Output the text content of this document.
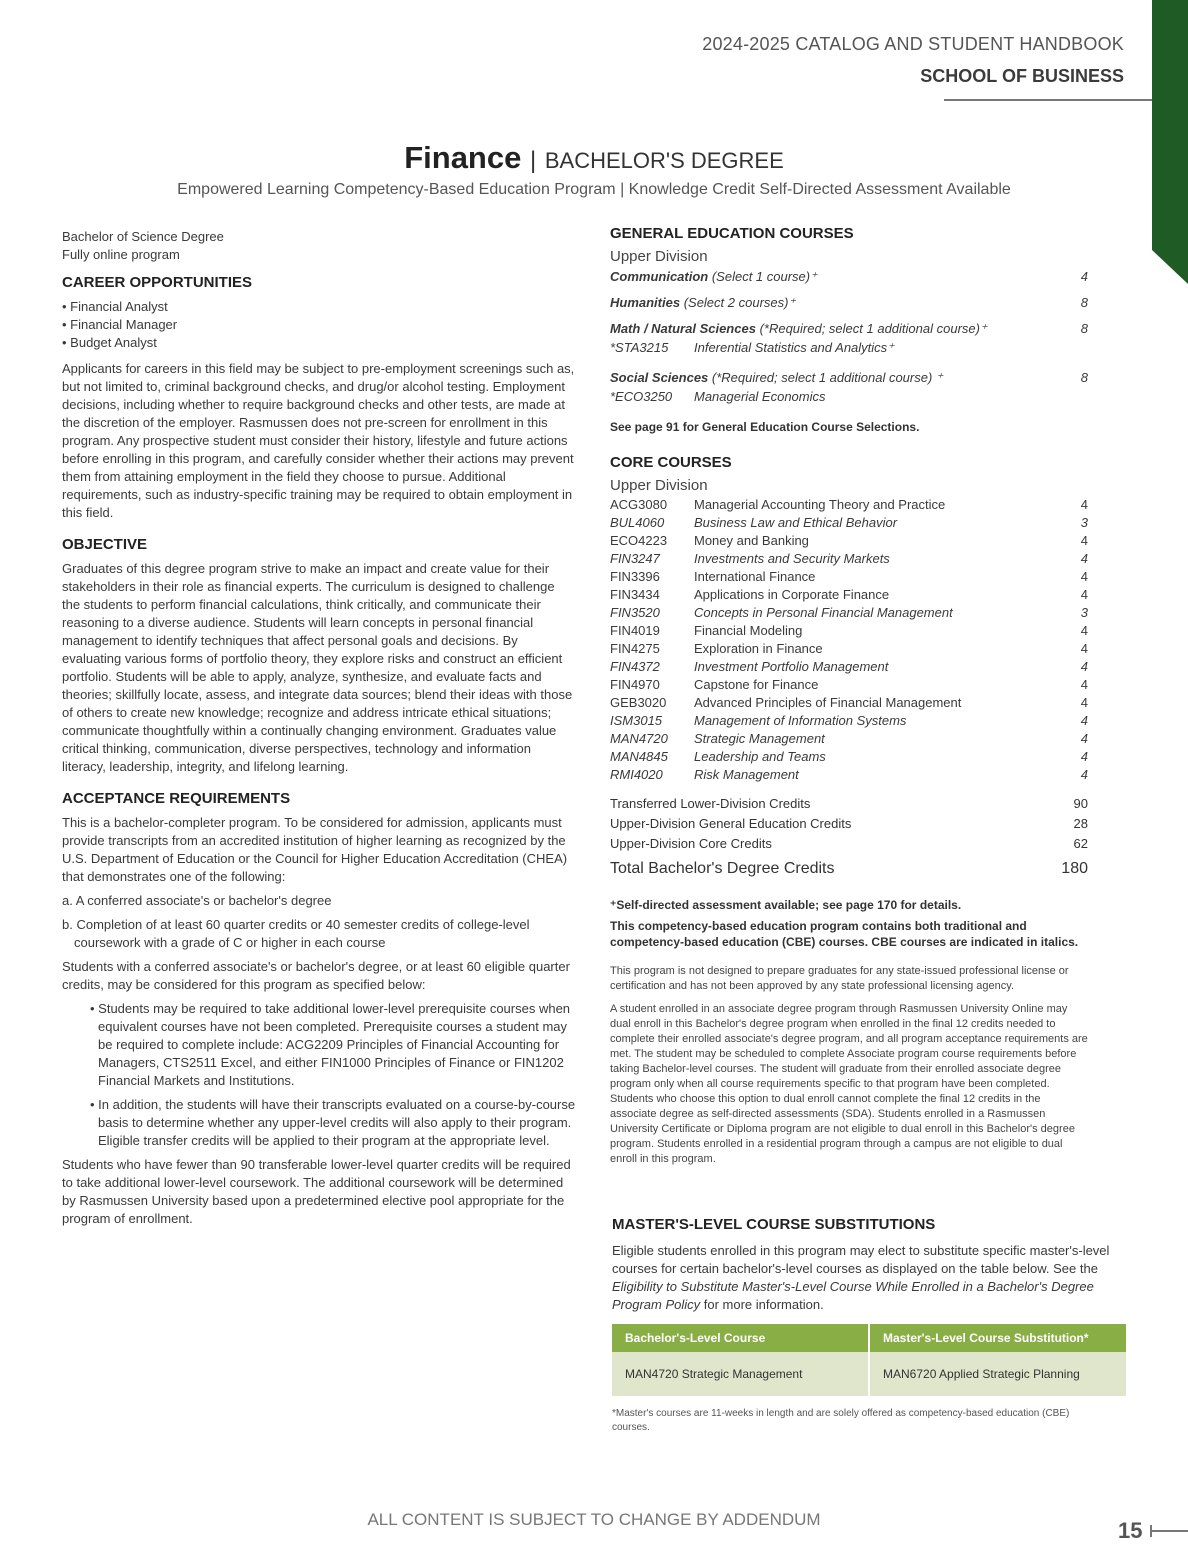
2024-2025 CATALOG AND STUDENT HANDBOOK
SCHOOL OF BUSINESS
Finance | BACHELOR'S DEGREE
Empowered Learning Competency-Based Education Program | Knowledge Credit Self-Directed Assessment Available
Bachelor of Science Degree
Fully online program
CAREER OPPORTUNITIES
• Financial Analyst
• Financial Manager
• Budget Analyst

Applicants for careers in this field may be subject to pre-employment screenings such as, but not limited to, criminal background checks, and drug/or alcohol testing. Employment decisions, including whether to require background checks and other tests, are made at the discretion of the employer. Rasmussen does not pre-screen for enrollment in this program. Any prospective student must consider their history, lifestyle and future actions before enrolling in this program, and carefully consider whether their actions may prevent them from attaining employment in the field they choose to pursue. Additional requirements, such as industry-specific training may be required to obtain employment in this field.

OBJECTIVE

Graduates of this degree program strive to make an impact and create value for their stakeholders in their role as financial experts. The curriculum is designed to challenge the students to perform financial calculations, think critically, and communicate their reasoning to a diverse audience. Students will learn concepts in personal financial management to identify techniques that affect personal goals and decisions. By evaluating various forms of portfolio theory, they explore risks and construct an efficient portfolio. Students will be able to apply, analyze, synthesize, and evaluate facts and theories; skillfully locate, assess, and integrate data sources; blend their ideas with those of others to create new knowledge; recognize and address intricate ethical situations; communicate thoughtfully within a continually changing environment. Graduates value critical thinking, communication, diverse perspectives, technology and information literacy, leadership, integrity, and lifelong learning.

ACCEPTANCE REQUIREMENTS

This is a bachelor-completer program. To be considered for admission, applicants must provide transcripts from an accredited institution of higher learning as recognized by the U.S. Department of Education or the Council for Higher Education Accreditation (CHEA) that demonstrates one of the following:

a. A conferred associate's or bachelor's degree
b. Completion of at least 60 quarter credits or 40 semester credits of college-level coursework with a grade of C or higher in each course

Students with a conferred associate's or bachelor's degree, or at least 60 eligible quarter credits, may be considered for this program as specified below:

• Students may be required to take additional lower-level prerequisite courses when equivalent courses have not been completed. Prerequisite courses a student may be required to complete include: ACG2209 Principles of Financial Accounting for Managers, CTS2511 Excel, and either FIN1000 Principles of Finance or FIN1202 Financial Markets and Institutions.
• In addition, the students will have their transcripts evaluated on a course-by-course basis to determine whether any upper-level credits will also apply to their program. Eligible transfer credits will be applied to their program at the appropriate level.

Students who have fewer than 90 transferable lower-level quarter credits will be required to take additional lower-level coursework. The additional coursework will be determined by Rasmussen University based upon a predetermined elective pool appropriate for the program of enrollment.

GENERAL EDUCATION COURSES
Upper Division
Communication (Select 1 course)⁺	4
Humanities (Select 2 courses)⁺	8
Math / Natural Sciences (*Required; select 1 additional course)⁺	8
*STA3215 Inferential Statistics and Analytics⁺
Social Sciences (*Required; select 1 additional course) ⁺	8
*ECO3250 Managerial Economics
See page 91 for General Education Course Selections.
CORE COURSES
Upper Division
ACG3080	Managerial Accounting Theory and Practice	4
BUL4060	Business Law and Ethical Behavior	3
ECO4223	Money and Banking	4
FIN3247	Investments and Security Markets	4
FIN3396	International Finance	4
FIN3434	Applications in Corporate Finance	4
FIN3520	Concepts in Personal Financial Management	3
FIN4019	Financial Modeling	4
FIN4275	Exploration in Finance	4
FIN4372	Investment Portfolio Management	4
FIN4970	Capstone for Finance	4
GEB3020	Advanced Principles of Financial Management	4
ISM3015	Management of Information Systems	4
MAN4720	Strategic Management	4
MAN4845	Leadership and Teams	4
RMI4020	Risk Management	4
Transferred Lower-Division Credits	90
Upper-Division General Education Credits	28
Upper-Division Core Credits	62
Total Bachelor's Degree Credits	180
⁺Self-directed assessment available; see page 170 for details.
This competency-based education program contains both traditional and competency-based education (CBE) courses. CBE courses are indicated in italics.
This program is not designed to prepare graduates for any state-issued professional license or certification and has not been approved by any state professional licensing agency.
A student enrolled in an associate degree program through Rasmussen University Online may dual enroll in this Bachelor's degree program when enrolled in the final 12 credits needed to complete their enrolled associate's degree program, and all program acceptance requirements are met. The student may be scheduled to complete Associate program course requirements before taking Bachelor-level courses. The student will graduate from their enrolled associate degree program only when all course requirements specific to that program have been completed. Students who choose this option to dual enroll cannot complete the final 12 credits in the associate degree as self-directed assessments (SDA). Students enrolled in a Rasmussen University Certificate or Diploma program are not eligible to dual enroll in this Bachelor's degree program. Students enrolled in a residential program through a campus are not eligible to dual enroll in this program.
MASTER'S-LEVEL COURSE SUBSTITUTIONS
Eligible students enrolled in this program may elect to substitute specific master's-level courses for certain bachelor's-level courses as displayed on the table below. See the Eligibility to Substitute Master's-Level Course While Enrolled in a Bachelor's Degree Program Policy for more information.
Bachelor's-Level Course	Master's-Level Course Substitution*
MAN4720 Strategic Management	MAN6720 Applied Strategic Planning
*Master's courses are 11-weeks in length and are solely offered as competency-based education (CBE) courses.
ALL CONTENT IS SUBJECT TO CHANGE BY ADDENDUM	15
